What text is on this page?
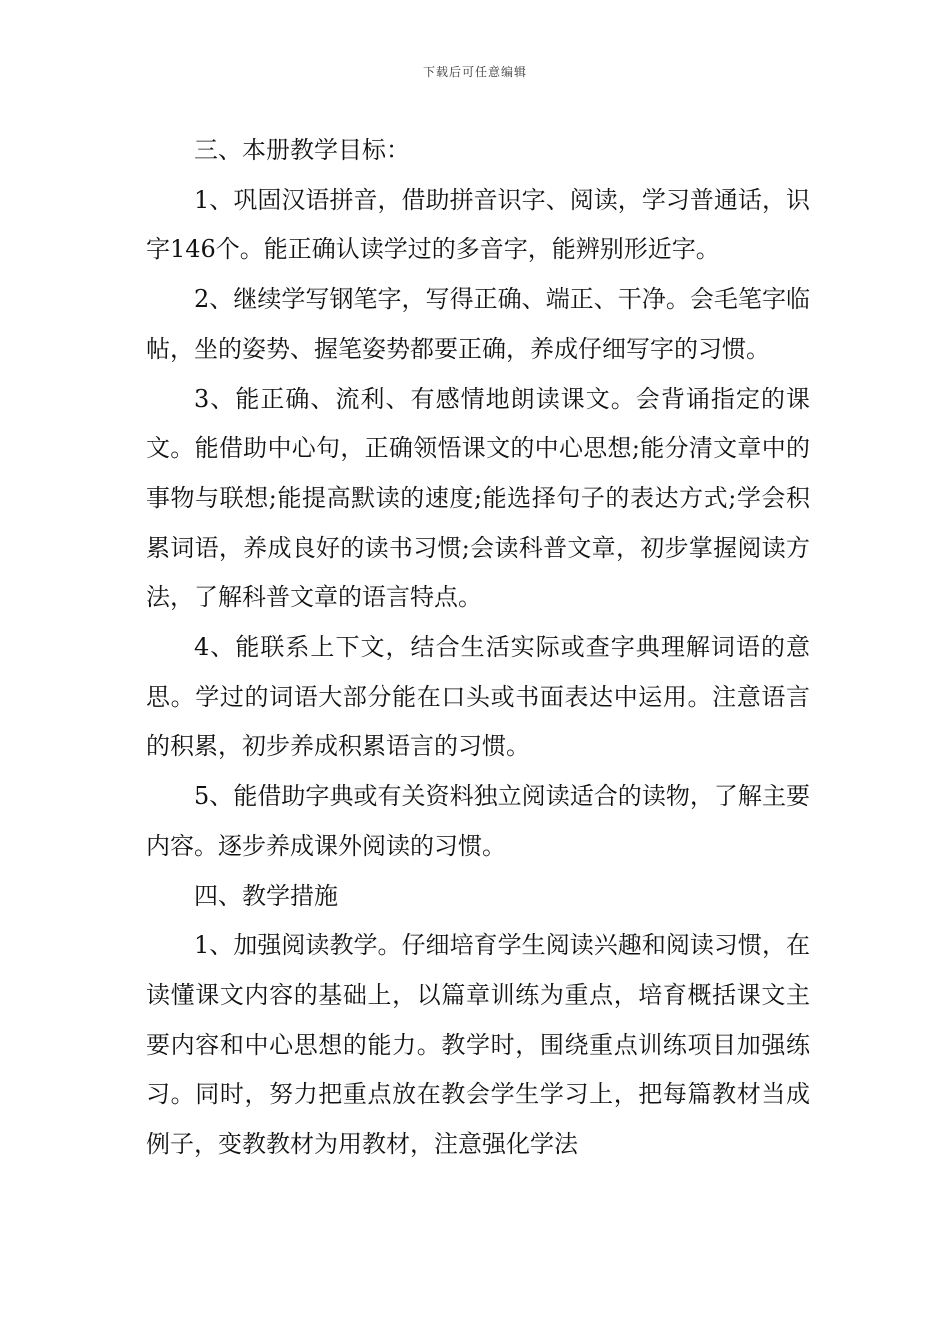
下载后可任意编辑

三、本册教学目标：

1、巩固汉语拼音，借助拼音识字、阅读，学习普通话，识字146个。能正确认读学过的多音字，能辨别形近字。

2、继续学写钢笔字，写得正确、端正、干净。会毛笔字临帖，坐的姿势、握笔姿势都要正确，养成仔细写字的习惯。

3、能正确、流利、有感情地朗读课文。会背诵指定的课文。能借助中心句，正确领悟课文的中心思想;能分清文章中的事物与联想;能提高默读的速度;能选择句子的表达方式;学会积累词语，养成良好的读书习惯;会读科普文章，初步掌握阅读方法，了解科普文章的语言特点。

4、能联系上下文，结合生活实际或查字典理解词语的意思。学过的词语大部分能在口头或书面表达中运用。注意语言的积累，初步养成积累语言的习惯。

5、能借助字典或有关资料独立阅读适合的读物，了解主要内容。逐步养成课外阅读的习惯。

四、教学措施

1、加强阅读教学。仔细培育学生阅读兴趣和阅读习惯，在读懂课文内容的基础上，以篇章训练为重点，培育概括课文主要内容和中心思想的能力。教学时，围绕重点训练项目加强练习。同时，努力把重点放在教会学生学习上，把每篇教材当成例子，变教教材为用教材，注意强化学法
